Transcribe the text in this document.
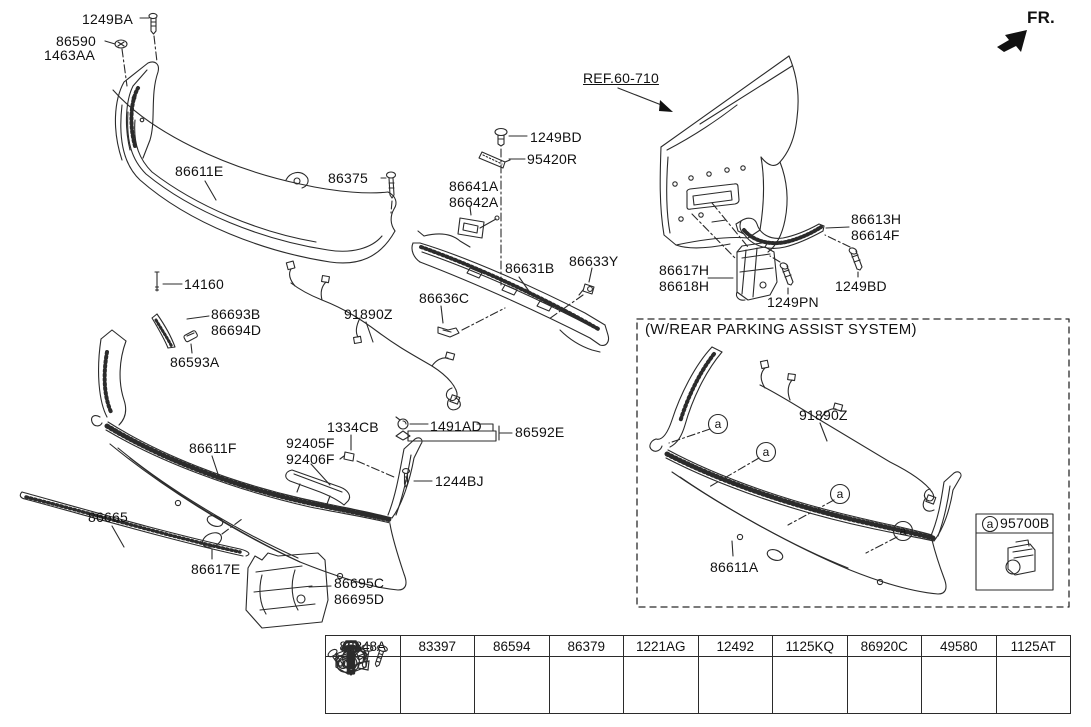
a
a
a
a	a
1249BA
86590
1463AA
86611E	86375
1249BD
95420R
86641A
86642A
86631B 86633Y
86636C
REF.60-710
FR.
86613H
86614F
86617H
86618H
1249PN
1249BD
14160
86693B
86694D
86593A
91890Z
1334CB	1491AD 86592E
92405F
92406F
86611F
1244BJ
86665
86617E
86695C
86695D
(W/REAR PARKING ASSIST SYSTEM)
91890Z
86611A
95700B
86848A	83397	86594	86379	1221AG	12492	1125KQ	86920C	49580	1125AT
